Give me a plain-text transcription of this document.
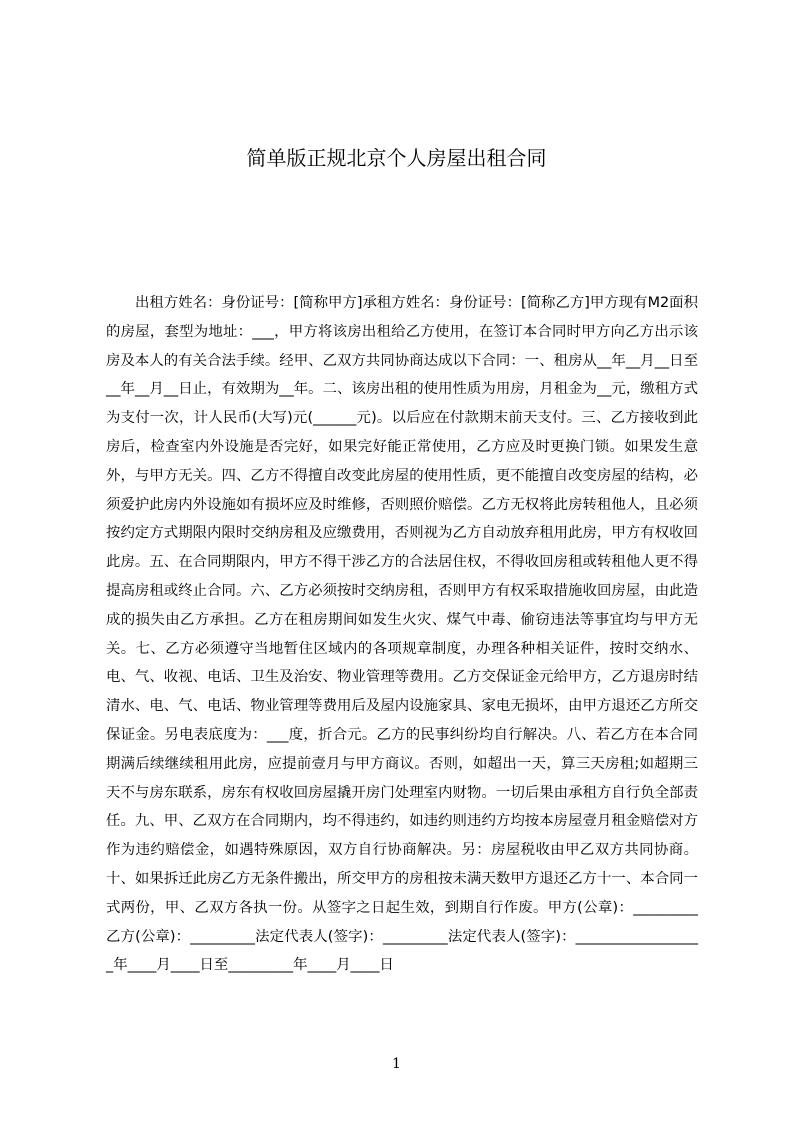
简单版正规北京个人房屋出租合同

出租方姓名：身份证号：[简称甲方]承租方姓名：身份证号：[简称乙方]甲方现有M2面积的房屋，套型为地址：___，甲方将该房出租给乙方使用，在签订本合同时甲方向乙方出示该房及本人的有关合法手续。经甲、乙双方共同协商达成以下合同：一、租房从__年__月__日至__年__月__日止，有效期为__年。二、该房出租的使用性质为用房，月租金为__元，缴租方式为支付一次，计人民币(大写)元(______元)。以后应在付款期末前天支付。三、乙方接收到此房后，检查室内外设施是否完好，如果完好能正常使用，乙方应及时更换门锁。如果发生意外，与甲方无关。四、乙方不得擅自改变此房屋的使用性质，更不能擅自改变房屋的结构，必须爱护此房内外设施如有损坏应及时维修，否则照价赔偿。乙方无权将此房转租他人，且必须按约定方式期限内限时交纳房租及应缴费用，否则视为乙方自动放弃租用此房，甲方有权收回此房。五、在合同期限内，甲方不得干涉乙方的合法居住权，不得收回房租或转租他人更不得提高房租或终止合同。六、乙方必须按时交纳房租，否则甲方有权采取措施收回房屋，由此造成的损失由乙方承担。乙方在租房期间如发生火灾、煤气中毒、偷窃违法等事宜均与甲方无关。七、乙方必须遵守当地暂住区域内的各项规章制度，办理各种相关证件，按时交纳水、电、气、收视、电话、卫生及治安、物业管理等费用。乙方交保证金元给甲方，乙方退房时结清水、电、气、电话、物业管理等费用后及屋内设施家具、家电无损坏，由甲方退还乙方所交保证金。另电表底度为：___度，折合元。乙方的民事纠纷均自行解决。八、若乙方在本合同期满后续继续租用此房，应提前壹月与甲方商议。否则，如超出一天，算三天房租;如超期三天不与房东联系，房东有权收回房屋撬开房门处理室内财物。一切后果由承租方自行负全部责任。九、甲、乙双方在合同期内，均不得违约，如违约则违约方均按本房屋壹月租金赔偿对方作为违约赔偿金，如遇特殊原因，双方自行协商解决。另：房屋税收由甲乙双方共同协商。十、如果拆迁此房乙方无条件搬出，所交甲方的房租按未满天数甲方退还乙方十一、本合同一式两份，甲、乙双方各执一份。从签字之日起生效，到期自行作废。甲方(公章)：_________乙方(公章)：_________法定代表人(签字)：_________法定代表人(签字)：__________________年____月____日至_________年____月____日

1
